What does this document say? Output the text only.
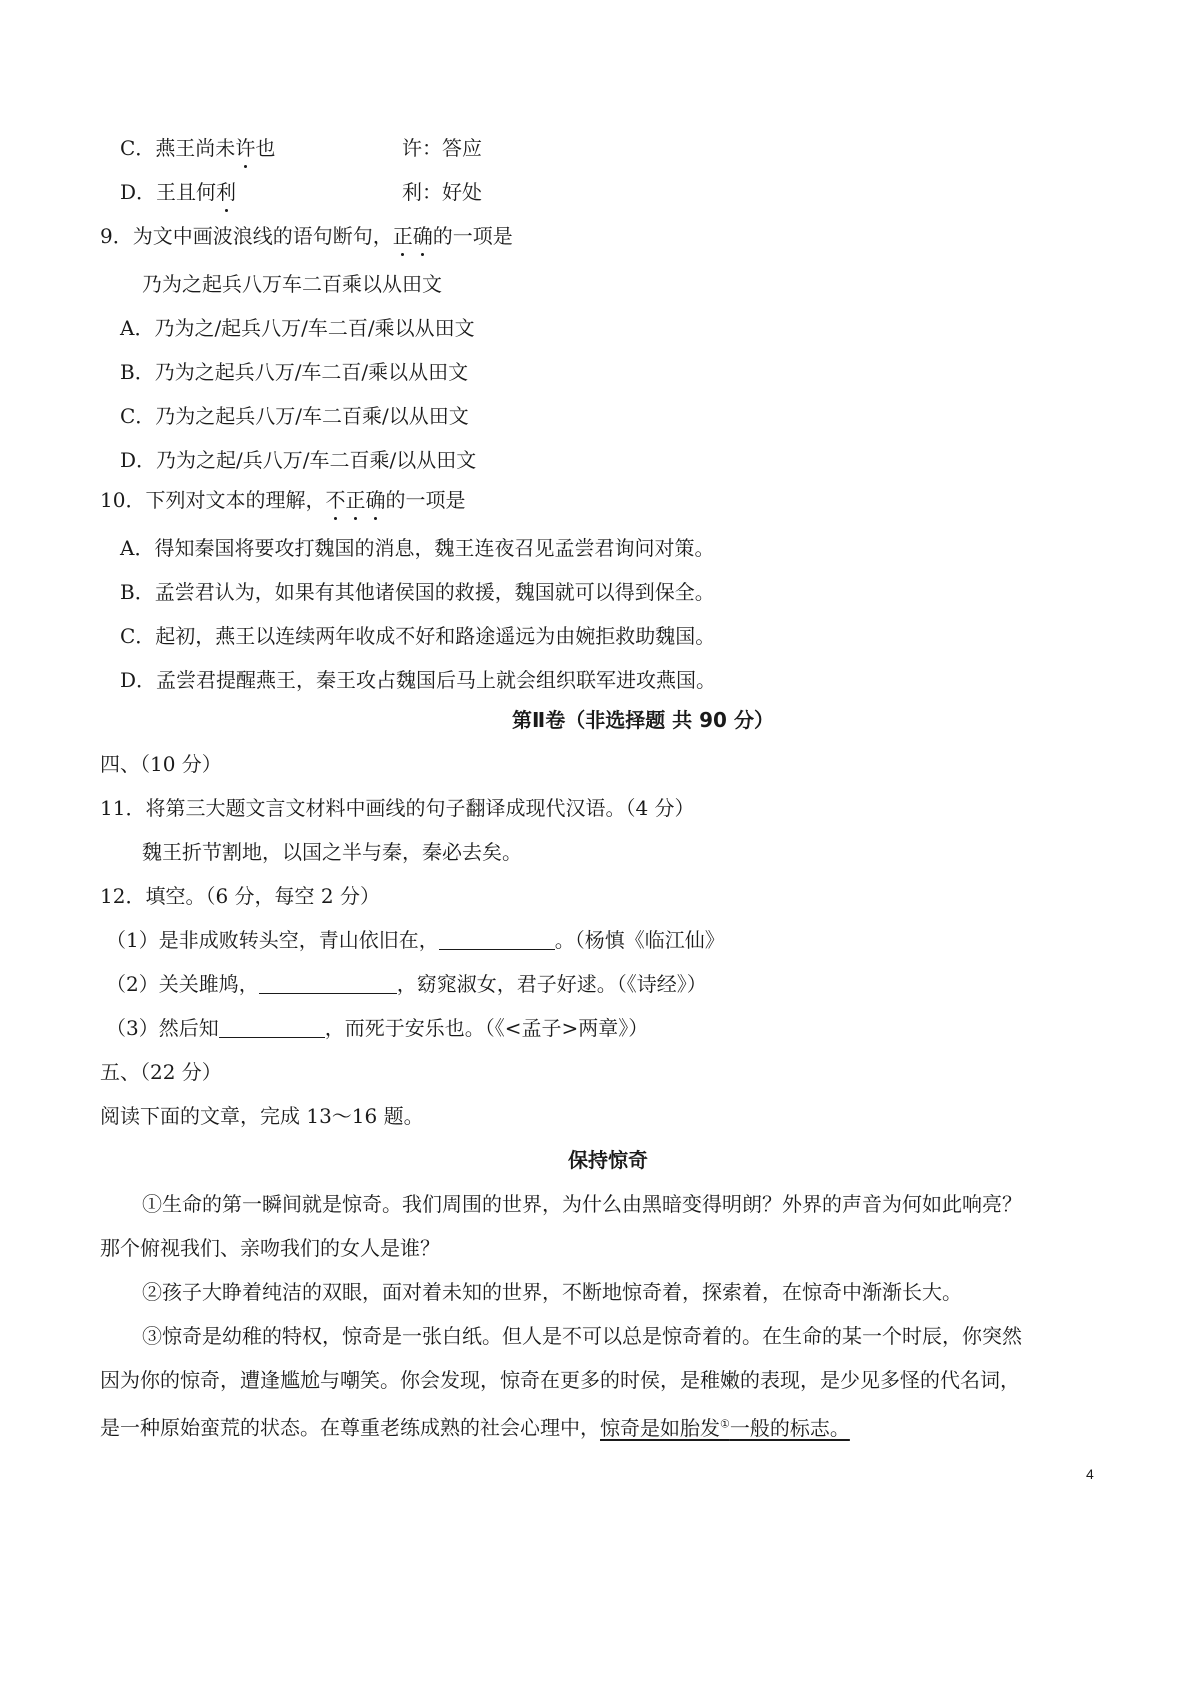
C．燕王尚未许也	许：答应
D．王且何利	利：好处
9．为文中画波浪线的语句断句，正确的一项是
乃为之起兵八万车二百乘以从田文
A．乃为之/起兵八万/车二百/乘以从田文
B．乃为之起兵八万/车二百/乘以从田文
C．乃为之起兵八万/车二百乘/以从田文
D．乃为之起/兵八万/车二百乘/以从田文
10．下列对文本的理解，不正确的一项是
A．得知秦国将要攻打魏国的消息，魏王连夜召见孟尝君询问对策。
B．孟尝君认为，如果有其他诸侯国的救援，魏国就可以得到保全。
C．起初，燕王以连续两年收成不好和路途遥远为由婉拒救助魏国。
D．孟尝君提醒燕王，秦王攻占魏国后马上就会组织联军进攻燕国。
第Ⅱ卷（非选择题 共 90 分）
四、（10 分）
11．将第三大题文言文材料中画线的句子翻译成现代汉语。（4 分）
魏王折节割地，以国之半与秦，秦必去矣。
12．填空。（6 分，每空 2 分）
（1）是非成败转头空，青山依旧在，	。（杨慎《临江仙》
（2）关关雎鸠，	，窈窕淑女，君子好逑。（《诗经》）
（3）然后知	，而死于安乐也。（《<孟子>两章》）
五、（22 分）
阅读下面的文章，完成 13～16 题。
保持惊奇
①生命的第一瞬间就是惊奇。我们周围的世界，为什么由黑暗变得明朗？外界的声音为何如此响亮？
那个俯视我们、亲吻我们的女人是谁？
②孩子大睁着纯洁的双眼，面对着未知的世界，不断地惊奇着，探索着，在惊奇中渐渐长大。
③惊奇是幼稚的特权，惊奇是一张白纸。但人是不可以总是惊奇着的。在生命的某一个时辰，你突然
因为你的惊奇，遭逢尴尬与嘲笑。你会发现，惊奇在更多的时侯，是稚嫩的表现，是少见多怪的代名词，
是一种原始蛮荒的状态。在尊重老练成熟的社会心理中，惊奇是如胎发①一般的标志。
4
